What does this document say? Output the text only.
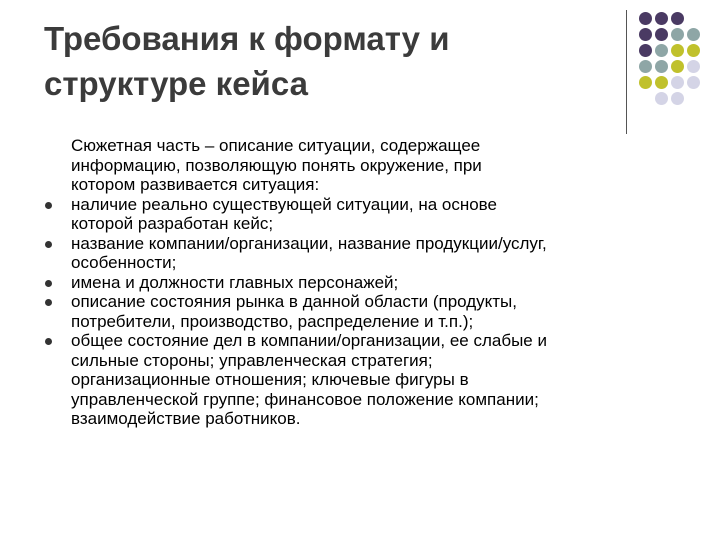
Требования к формату и
структуре кейса

Сюжетная часть – описание ситуации, содержащее
информацию, позволяющую понять окружение, при
котором развивается ситуация:

наличие реально существующей ситуации, на основе
которой разработан кейс;
название компании/организации, название продукции/услуг,
особенности;
имена и должности главных персонажей;
описание состояния рынка в данной области (продукты,
потребители, производство, распределение и т.п.);
общее состояние дел в компании/организации, ее слабые и
сильные стороны; управленческая стратегия;
организационные отношения; ключевые фигуры в
управленческой группе; финансовое положение компании;
взаимодействие работников.
